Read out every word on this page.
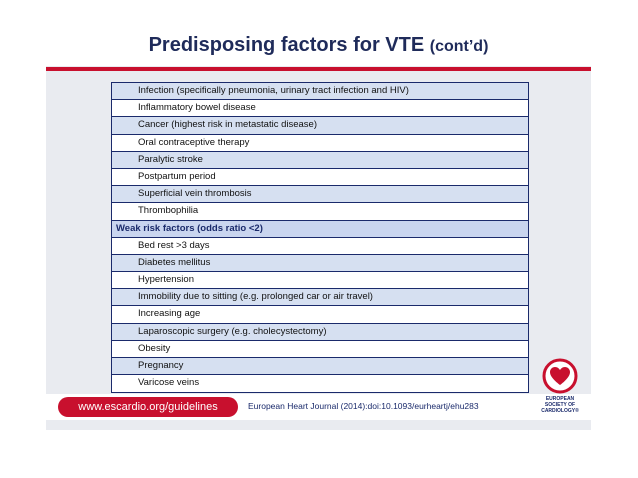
Predisposing factors for VTE (cont’d)
Infection (specifically pneumonia, urinary tract infection and HIV)
Inflammatory bowel disease
Cancer (highest risk in metastatic disease)
Oral contraceptive therapy
Paralytic stroke
Postpartum period
Superficial vein thrombosis
Thrombophilia
Weak risk factors (odds ratio <2)
Bed rest >3 days
Diabetes mellitus
Hypertension
Immobility due to sitting (e.g. prolonged car or air travel)
Increasing age
Laparoscopic surgery (e.g. cholecystectomy)
Obesity
Pregnancy
Varicose veins
www.escardio.org/guidelines	European Heart Journal (2014):doi:10.1093/eurheartj/ehu283
EUROPEAN
SOCIETY OF
CARDIOLOGY®
